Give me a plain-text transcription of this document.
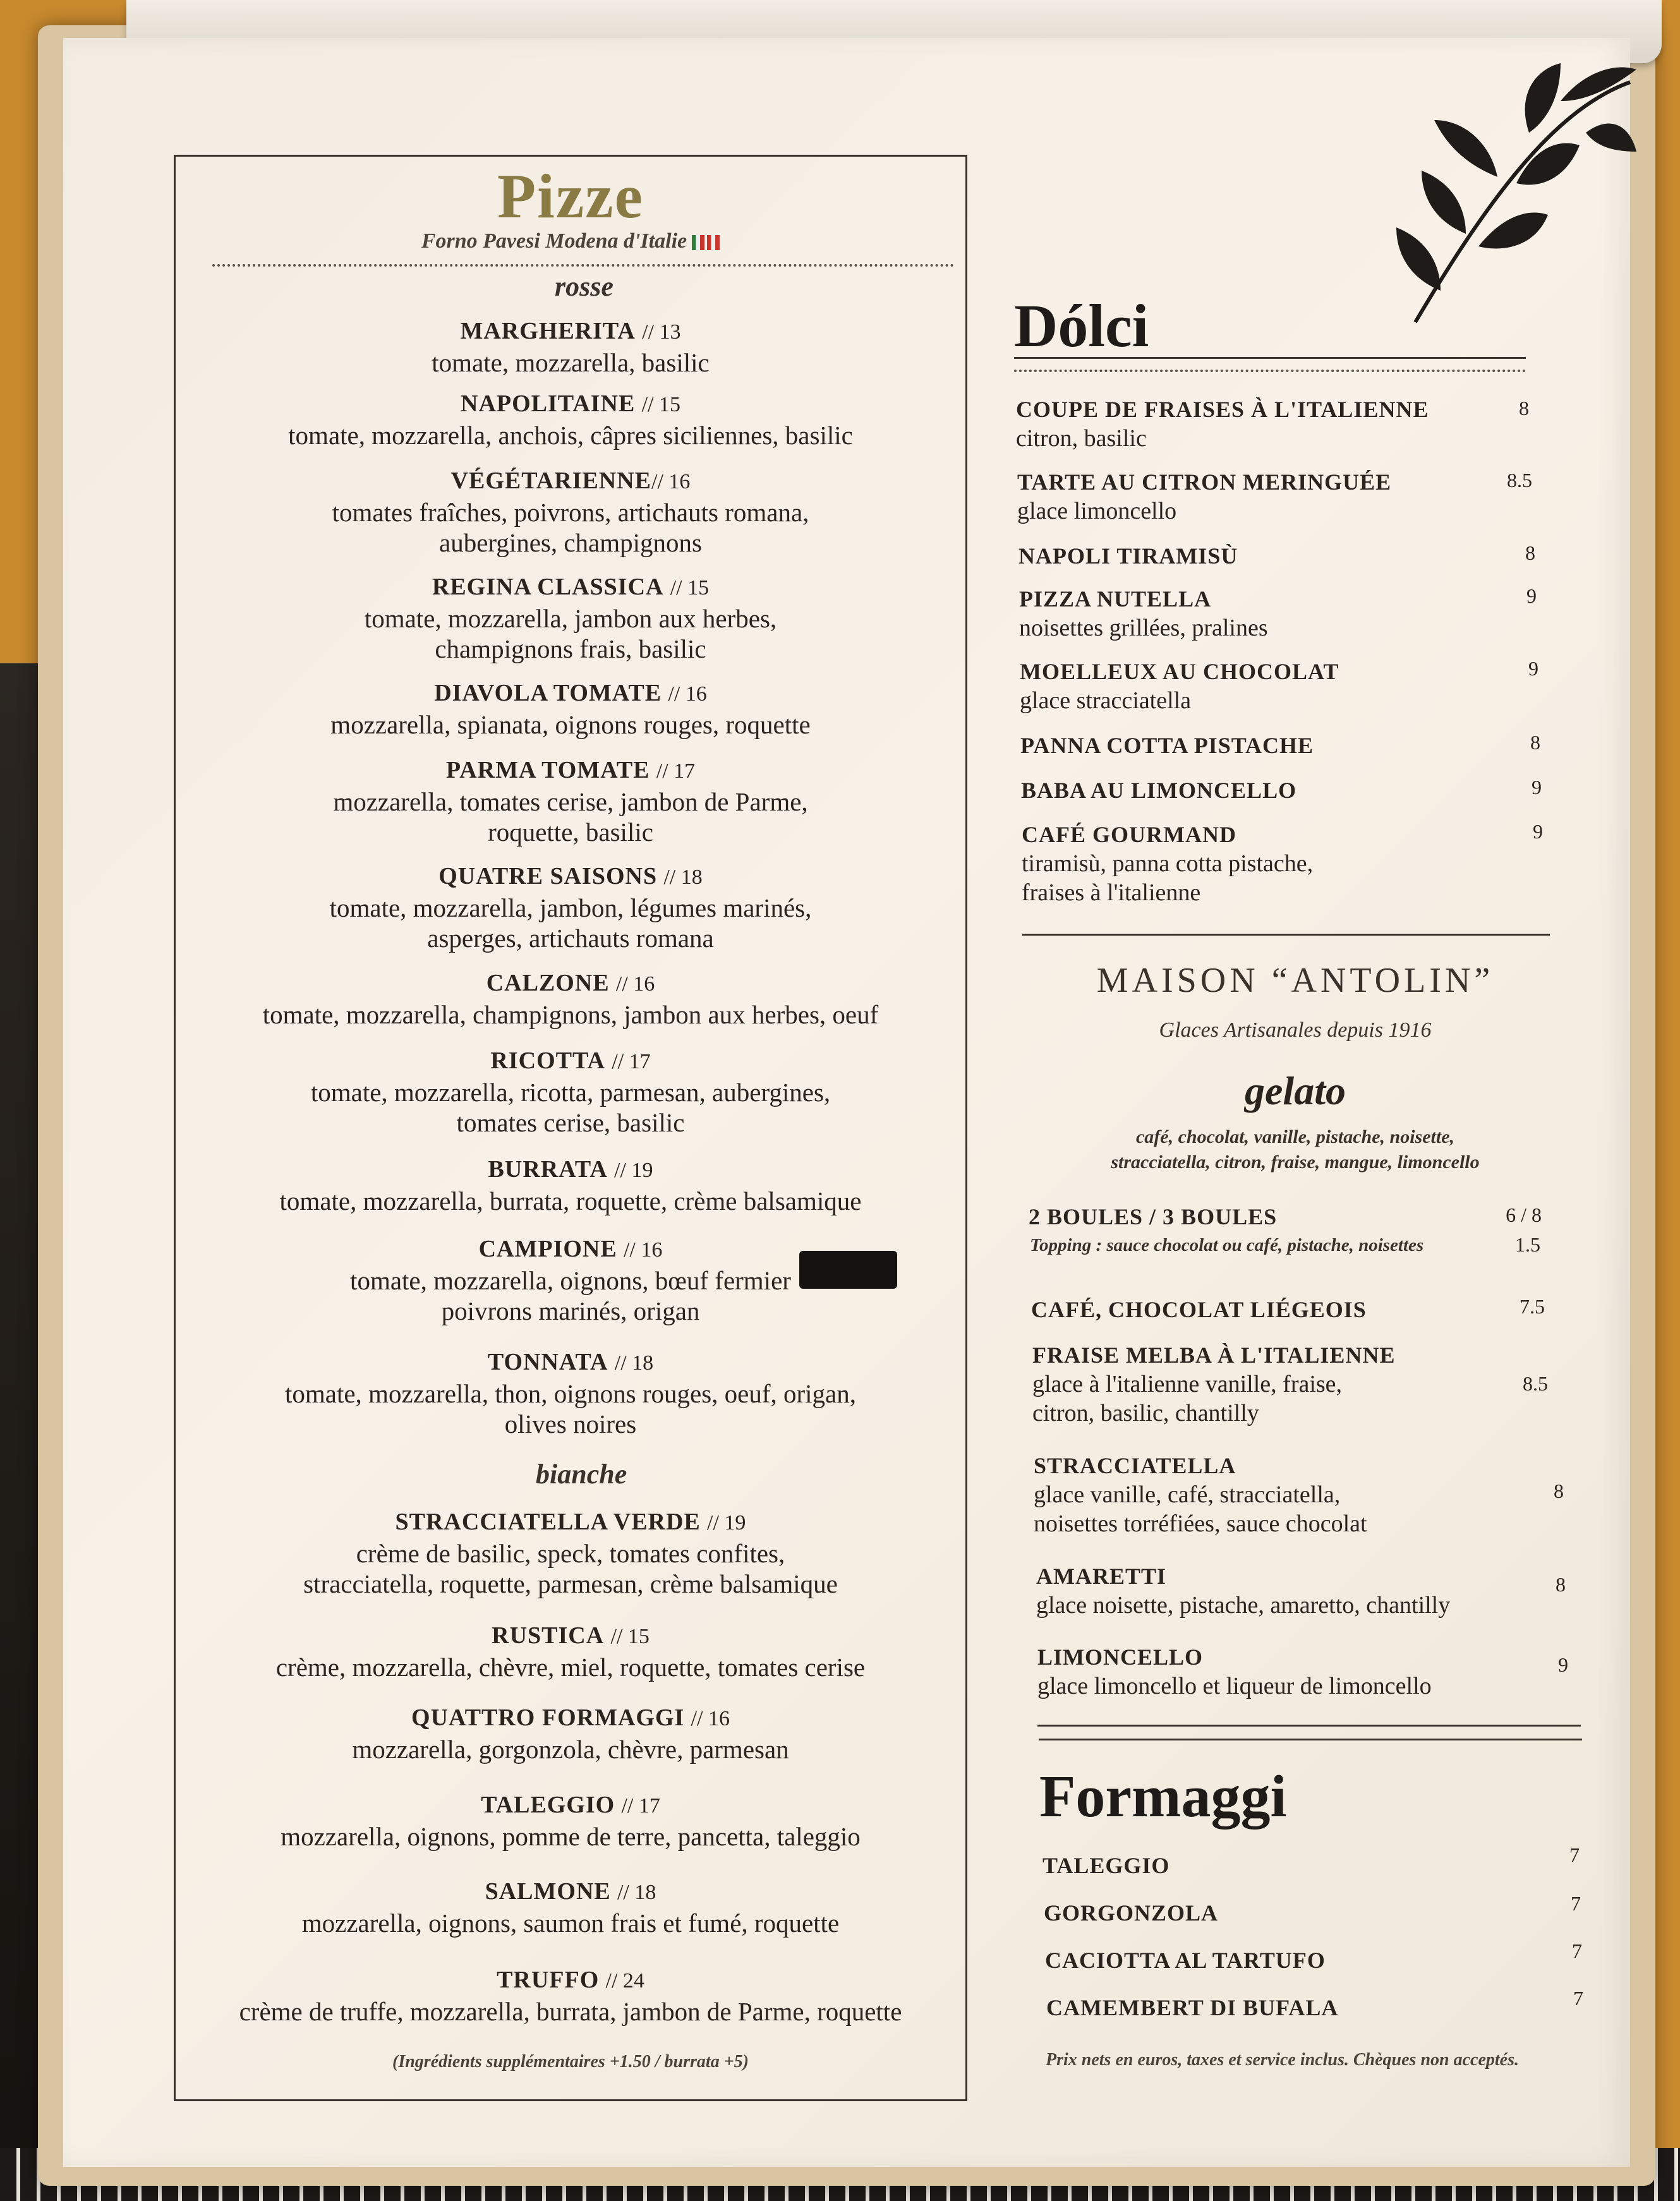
Pizze
Forno Pavesi Modena d'Italie
rosse
MARGHERITA // 13
tomate, mozzarella, basilic
NAPOLITAINE // 15
tomate, mozzarella, anchois, câpres siciliennes, basilic
VÉGÉTARIENNE// 16
tomates fraîches, poivrons, artichauts romana,
aubergines, champignons
REGINA CLASSICA // 15
tomate, mozzarella, jambon aux herbes,
champignons frais, basilic
DIAVOLA TOMATE // 16
mozzarella, spianata, oignons rouges, roquette
PARMA TOMATE // 17
mozzarella, tomates cerise, jambon de Parme,
roquette, basilic
QUATRE SAISONS // 18
tomate, mozzarella, jambon, légumes marinés,
asperges, artichauts romana
CALZONE // 16
tomate, mozzarella, champignons, jambon aux herbes, oeuf
RICOTTA // 17
tomate, mozzarella, ricotta, parmesan, aubergines,
tomates cerise, basilic
BURRATA // 19
tomate, mozzarella, burrata, roquette, crème balsamique
CAMPIONE // 16
tomate, mozzarella, oignons, bœuf fermier
poivrons marinés, origan
TONNATA // 18
tomate, mozzarella, thon, oignons rouges, oeuf, origan,
olives noires
bianche
STRACCIATELLA VERDE // 19
crème de basilic, speck, tomates confites,
stracciatella, roquette, parmesan, crème balsamique
RUSTICA // 15
crème, mozzarella, chèvre, miel, roquette, tomates cerise
QUATTRO FORMAGGI // 16
mozzarella, gorgonzola, chèvre, parmesan
TALEGGIO // 17
mozzarella, oignons, pomme de terre, pancetta, taleggio
SALMONE // 18
mozzarella, oignons, saumon frais et fumé, roquette
TRUFFO // 24
crème de truffe, mozzarella, burrata, jambon de Parme, roquette
(Ingrédients supplémentaires +1.50 / burrata +5)
Dólci
COUPE DE FRAISES À L'ITALIENNE
citron, basilic
8
TARTE AU CITRON MERINGUÉE
glace limoncello
8.5
NAPOLI TIRAMISÙ	8
PIZZA NUTELLA
noisettes grillées, pralines
9
MOELLEUX AU CHOCOLAT
glace stracciatella
9
PANNA COTTA PISTACHE	8
BABA AU LIMONCELLO	9
CAFÉ GOURMAND
tiramisù, panna cotta pistache,
fraises à l'italienne
9
MAISON “ANTOLIN”
Glaces Artisanales depuis 1916
gelato
café, chocolat, vanille, pistache, noisette,
stracciatella, citron, fraise, mangue, limoncello
2 BOULES / 3 BOULES	6 / 8
Topping : sauce chocolat ou café, pistache, noisettes	1.5
CAFÉ, CHOCOLAT LIÉGEOIS	7.5
FRAISE MELBA À L'ITALIENNE
glace à l'italienne vanille, fraise,
citron, basilic, chantilly
8.5
STRACCIATELLA
glace vanille, café, stracciatella,
noisettes torréfiées, sauce chocolat
8
AMARETTI
glace noisette, pistache, amaretto, chantilly
8
LIMONCELLO
glace limoncello et liqueur de limoncello
9
Formaggi
TALEGGIO	7
GORGONZOLA	7
CACIOTTA AL TARTUFO	7
CAMEMBERT DI BUFALA	7
Prix nets en euros, taxes et service inclus. Chèques non acceptés.
